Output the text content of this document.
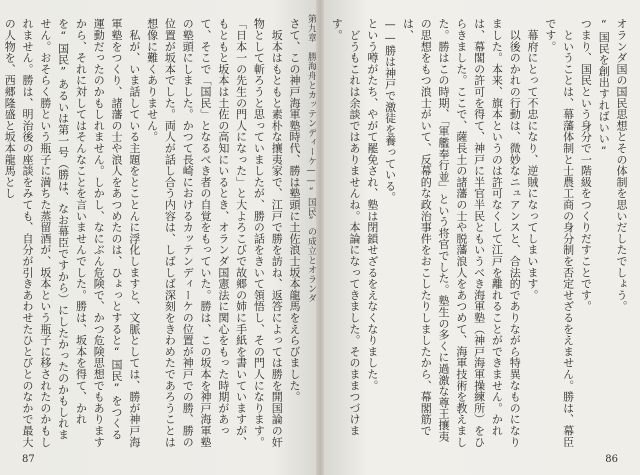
さて、この神戸海軍塾時代、勝は塾頭に土佐浪士坂本龍馬をえらびました。
　坂本はもともと素朴な攘夷家で、江戸で勝を訪ね、返答によっては勝を開国論の奸物として斬ろうと思っていましたが、勝の話をきいて領悟し、その門人になります。「日本一の先生の門人になった」と大よろこびで故郷の姉に手紙を書いていますが、もともと坂本は土佐の高知にいるとき、オランダ国憲法に関心をもった時期があって、そこで「国民」となるべき者の自覚をもっていた。勝は、この坂本を神戸海軍塾の塾頭にしました。かつて長崎におけるカッテンディーケの位置が神戸での勝、勝の位置が坂本でした。両人が話し合う内容は、しばしば深刻をきわめたであろうことは想像に難くありません。
　私が、いま話している主題をとことんに浮化しますと、文脈としては、勝が神戸海軍塾をつくり、諸藩の士や浪人をあつめたのは、ひょっとすると“国民”をつくる運動だったのかもしれません。しかし、なにぶん危険で、かつ危険思想でもありますから、それに対してはそんなことを言いませんでした。勝は、坂本を得て、かれを“国民”あるいは第一号（勝は、なお幕臣ですから）にしたかったのかもしれません。おそらく勝という瓶子に満ちた蒸留酒が、坂本という瓶子に移されたのかもしれません。勝は、明治後の座談をみても、自分が引きあわせたひとびとのなかで最大の人物を、西郷隆盛と坂本龍馬とし	第九章　勝海舟とカッテンディーケ——“国民”の成立とオランダ
87
オランダ国の国民思想とその体制を思いだしたでしょう。
“国民を創出すればいい”
つまり、国民という身分で一階級をつくりだすことです。
　ということは、幕藩体制と士農工商の身分制を否定せざるをえません。勝は、幕臣です。
　幕府にとって不忠になり、逆賊になってしまいます。
　以後のかれの行動は、微妙なニュアンスと、合法的でありながら特異なものになりました。本来、旗本というのは許可なくして江戸を離れることができません。かれは、幕閣の許可を得て、神戸に半官半民ともいうべき海軍塾（神戸海軍操練所）をひらきました。ここで、薩長土の諸藩の士や脱藩浪人をあつめて、海軍技術を教えました。勝はこの時期、「軍艦奉行並」という将官でした。塾生の多くに過激な尊王攘夷の思想をもつ浪士がいて、反幕的な政治事件をおこしたりしましたから、幕閣筋では、
——勝は神戸で激徒を養っている。
という噂がたち、やがて罷免され、塾は閉鎖せざるをえなくなりました。
　どうもこれは余談ではありませんね。本論になってきました。そのままつづけます。
86
